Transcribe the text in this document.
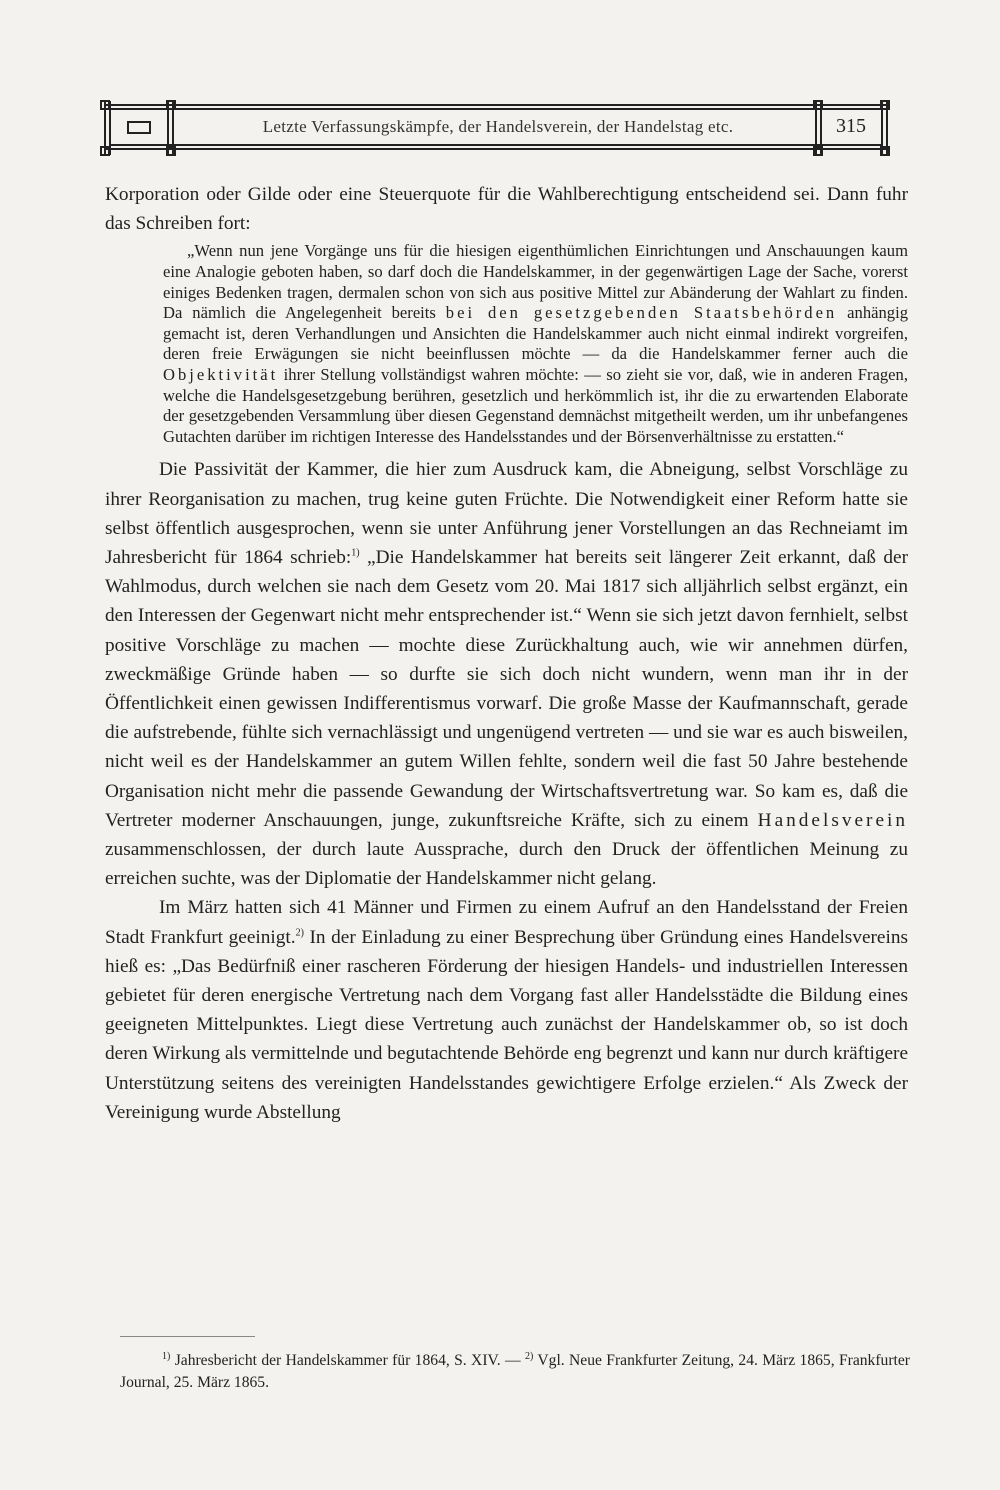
Letzte Verfassungskämpfe, der Handelsverein, der Handelstag etc.	315

Korporation oder Gilde oder eine Steuerquote für die Wahlberechtigung entscheidend sei. Dann fuhr das Schreiben fort:

„Wenn nun jene Vorgänge uns für die hiesigen eigenthümlichen Einrichtungen und Anschauungen kaum eine Analogie geboten haben, so darf doch die Handelskammer, in der gegenwärtigen Lage der Sache, vorerst einiges Bedenken tragen, dermalen schon von sich aus positive Mittel zur Abänderung der Wahlart zu finden. Da nämlich die Angelegenheit bereits bei den gesetzgebenden Staatsbehörden anhängig gemacht ist, deren Verhandlungen und Ansichten die Handelskammer auch nicht einmal indirekt vorgreifen, deren freie Erwägungen sie nicht beeinflussen möchte — da die Handelskammer ferner auch die Objektivität ihrer Stellung vollständigst wahren möchte: — so zieht sie vor, daß, wie in anderen Fragen, welche die Handelsgesetzgebung berühren, gesetzlich und herkömmlich ist, ihr die zu erwartenden Elaborate der gesetzgebenden Versammlung über diesen Gegenstand demnächst mitgetheilt werden, um ihr unbefangenes Gutachten darüber im richtigen Interesse des Handelsstandes und der Börsenverhältnisse zu erstatten.“

Die Passivität der Kammer, die hier zum Ausdruck kam, die Abneigung, selbst Vorschläge zu ihrer Reorganisation zu machen, trug keine guten Früchte. Die Notwendigkeit einer Reform hatte sie selbst öffentlich ausgesprochen, wenn sie unter Anführung jener Vorstellungen an das Rechneiamt im Jahresbericht für 1864 schrieb:$^{1)}$ „Die Handelskammer hat bereits seit längerer Zeit erkannt, daß der Wahlmodus, durch welchen sie nach dem Gesetz vom 20. Mai 1817 sich alljährlich selbst ergänzt, ein den Interessen der Gegenwart nicht mehr entsprechender ist.“ Wenn sie sich jetzt davon fernhielt, selbst positive Vorschläge zu machen — mochte diese Zurückhaltung auch, wie wir annehmen dürfen, zweckmäßige Gründe haben — so durfte sie sich doch nicht wundern, wenn man ihr in der Öffentlichkeit einen gewissen Indifferentismus vorwarf. Die große Masse der Kaufmannschaft, gerade die aufstrebende, fühlte sich vernachlässigt und ungenügend vertreten — und sie war es auch bisweilen, nicht weil es der Handelskammer an gutem Willen fehlte, sondern weil die fast 50 Jahre bestehende Organisation nicht mehr die passende Gewandung der Wirtschaftsvertretung war. So kam es, daß die Vertreter moderner Anschauungen, junge, zukunftsreiche Kräfte, sich zu einem Handelsverein zusammenschlossen, der durch laute Aussprache, durch den Druck der öffentlichen Meinung zu erreichen suchte, was der Diplomatie der Handelskammer nicht gelang.

Im März hatten sich 41 Männer und Firmen zu einem Aufruf an den Handelsstand der Freien Stadt Frankfurt geeinigt.$^{2)}$ In der Einladung zu einer Besprechung über Gründung eines Handelsvereins hieß es: „Das Bedürfniß einer rascheren Förderung der hiesigen Handels- und industriellen Interessen gebietet für deren energische Vertretung nach dem Vorgang fast aller Handelsstädte die Bildung eines geeigneten Mittelpunktes. Liegt diese Vertretung auch zunächst der Handelskammer ob, so ist doch deren Wirkung als vermittelnde und begutachtende Behörde eng begrenzt und kann nur durch kräftigere Unterstützung seitens des vereinigten Handelsstandes gewichtigere Erfolge erzielen.“ Als Zweck der Vereinigung wurde Abstellung

$^{1)}$ Jahresbericht der Handelskammer für 1864, S. XIV. — $^{2)}$ Vgl. Neue Frankfurter Zeitung, 24. März 1865, Frankfurter Journal, 25. März 1865.
